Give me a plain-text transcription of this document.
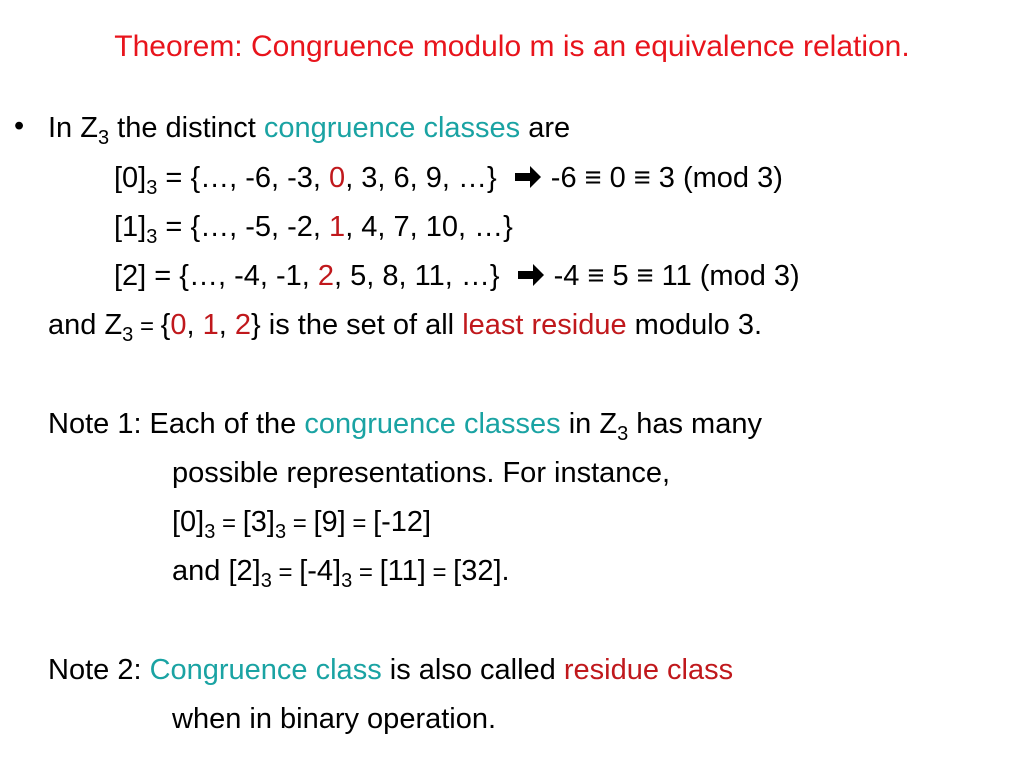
Theorem: Congruence modulo m is an equivalence relation.
• In $Z_3$ the distinct congruence classes are
$[0]_3$ = {…, -6, -3, 0, 3, 6, 9, …} -6 ≡ 0 ≡ 3 (mod 3)
$[1]_3$ = {…, -5, -2, 1, 4, 7, 10, …}
[2] = {…, -4, -1, 2, 5, 8, 11, …} -4 ≡ 5 ≡ 11 (mod 3)
and $Z_3 = \{0$, 1, 2} is the set of all least residue modulo 3.
Note 1: Each of the congruence classes in $Z_3$ has many
possible representations. For instance,
$[0]_3 = [3]_3 = [9] = [-12]$
and $[2]_3 = [-4]_3 = [11] = [32]$.
Note 2: Congruence class is also called residue class
when in binary operation.
